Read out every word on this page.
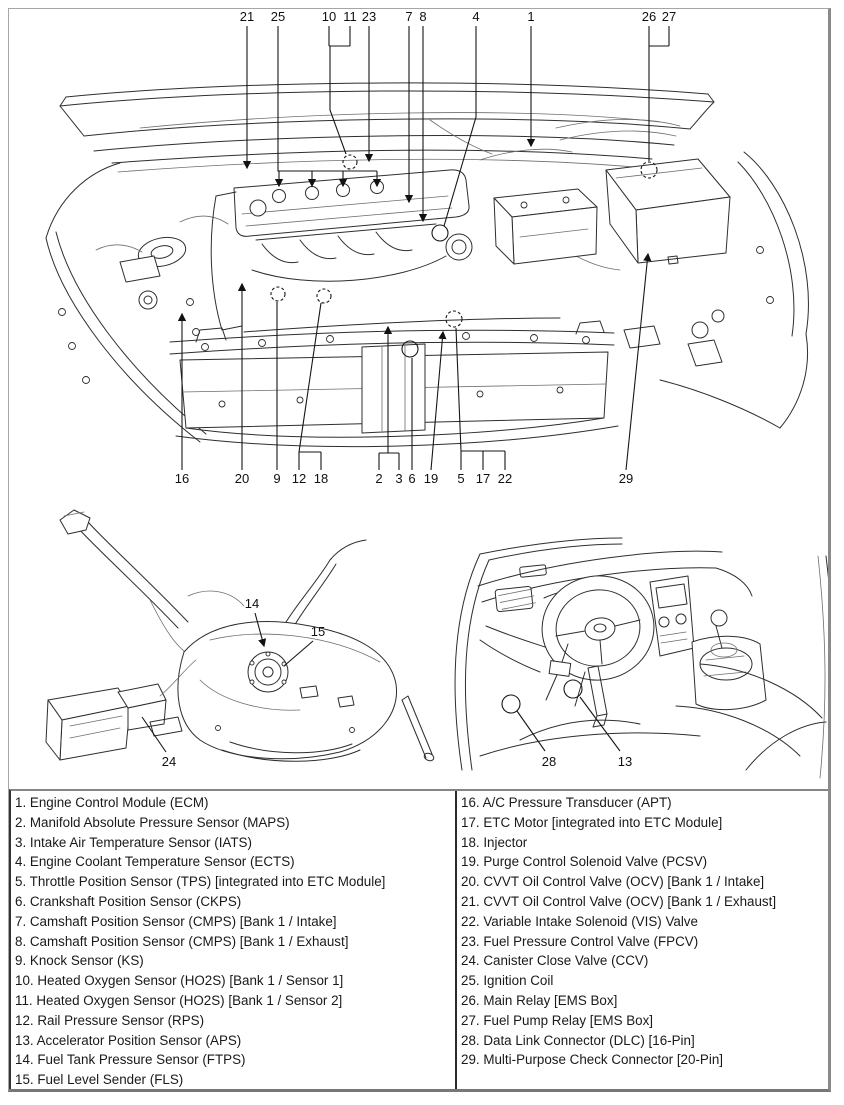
21 25	10 11 23 7 8	4	1	26 27
16	20 9 12 18	2 3 6 19 5 17 22	29
14
15
24	28	13
1. Engine Control Module (ECM)
2. Manifold Absolute Pressure Sensor (MAPS)
3. Intake Air Temperature Sensor (IATS)
4. Engine Coolant Temperature Sensor (ECTS)
5. Throttle Position Sensor (TPS) [integrated into ETC Module]
6. Crankshaft Position Sensor (CKPS)
7. Camshaft Position Sensor (CMPS) [Bank 1 / Intake]
8. Camshaft Position Sensor (CMPS) [Bank 1 / Exhaust]
9. Knock Sensor (KS)
10. Heated Oxygen Sensor (HO2S) [Bank 1 / Sensor 1]
11. Heated Oxygen Sensor (HO2S) [Bank 1 / Sensor 2]
12. Rail Pressure Sensor (RPS)
13. Accelerator Position Sensor (APS)
14. Fuel Tank Pressure Sensor (FTPS)
15. Fuel Level Sender (FLS)
16. A/C Pressure Transducer (APT)
17. ETC Motor [integrated into ETC Module]
18. Injector
19. Purge Control Solenoid Valve (PCSV)
20. CVVT Oil Control Valve (OCV) [Bank 1 / Intake]
21. CVVT Oil Control Valve (OCV) [Bank 1 / Exhaust]
22. Variable Intake Solenoid (VIS) Valve
23. Fuel Pressure Control Valve (FPCV)
24. Canister Close Valve (CCV)
25. Ignition Coil
26. Main Relay [EMS Box]
27. Fuel Pump Relay [EMS Box]
28. Data Link Connector (DLC) [16-Pin]
29. Multi-Purpose Check Connector [20-Pin]
